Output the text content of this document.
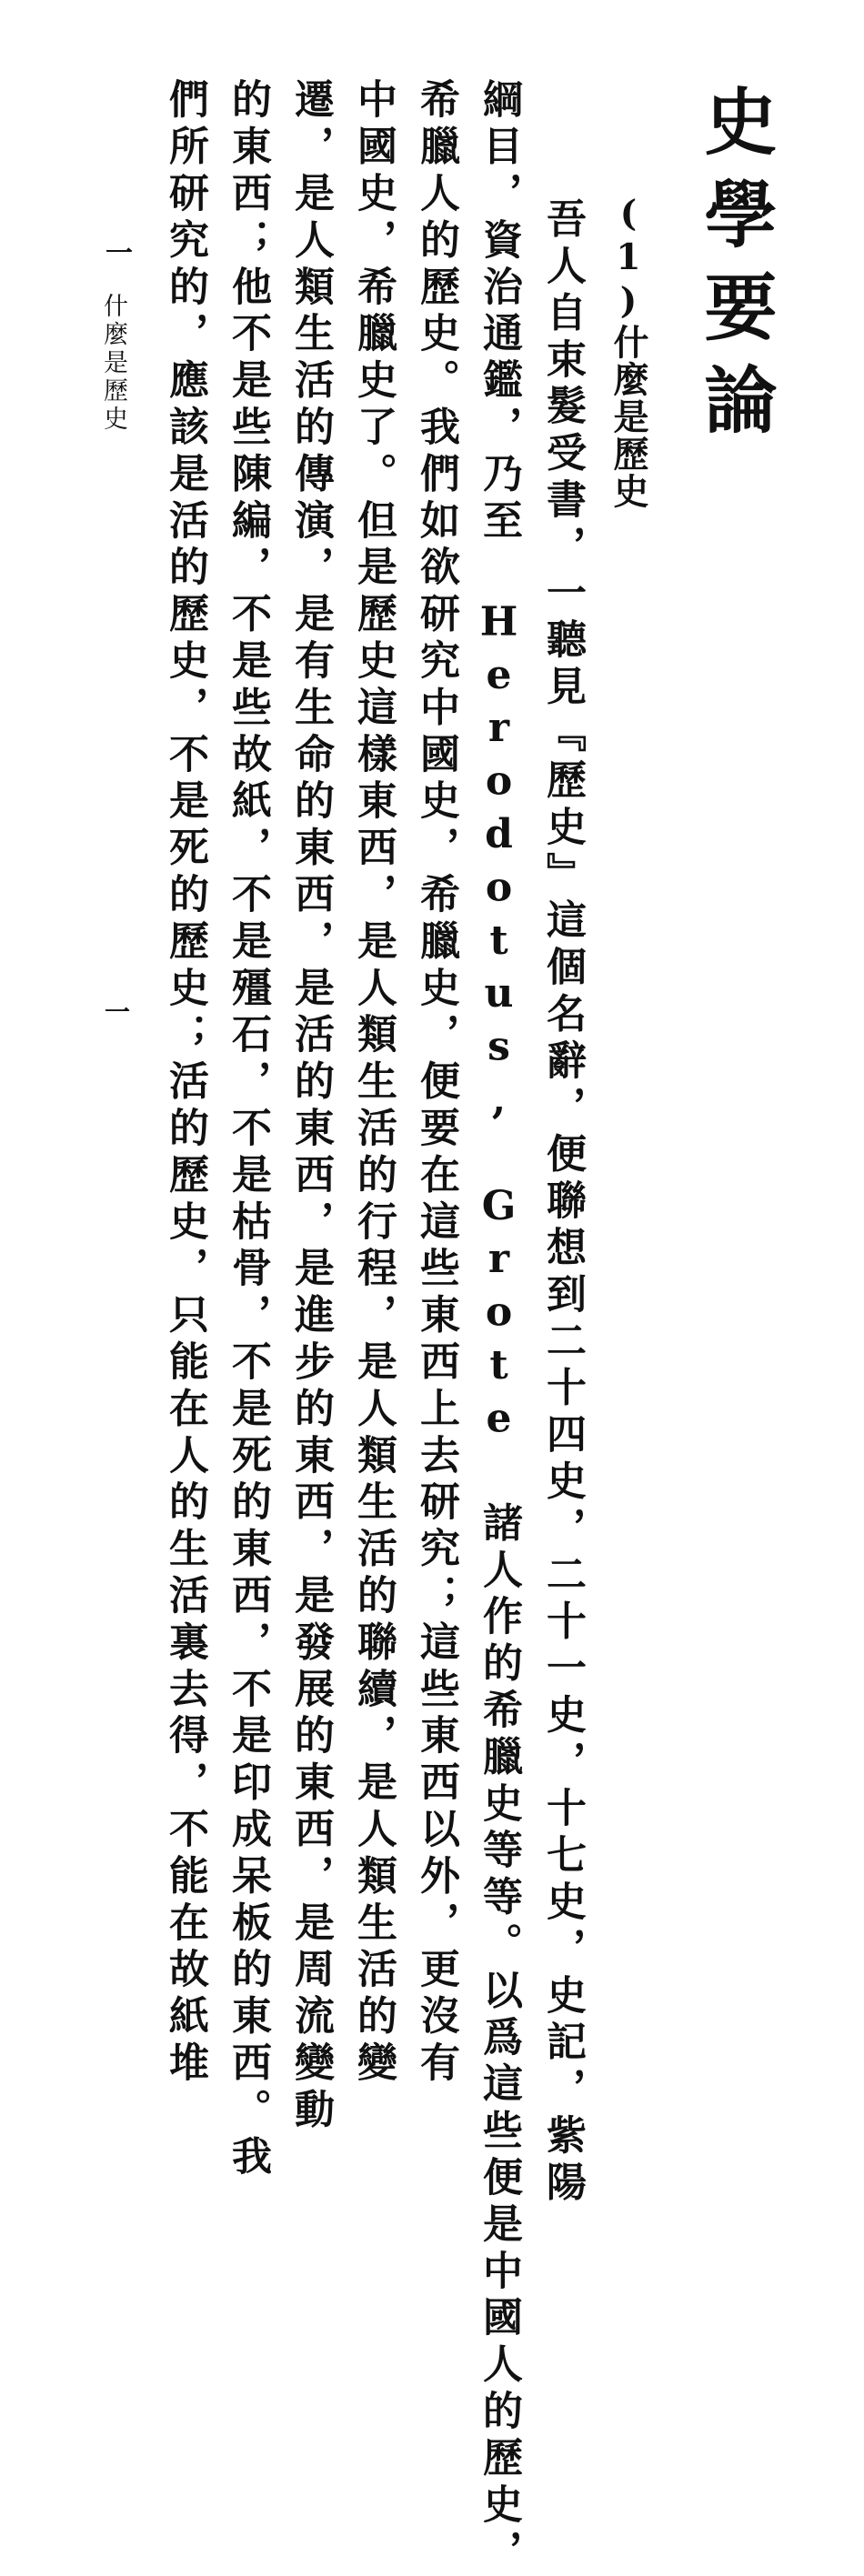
史學要論
(1)什麼是歷史
　吾人自束髮受書，一聽見『歷史』這個名辭，便聯想到二十四史，二十一史，十七史，史記，紫陽
綱目，資治通鑑，乃至 Herodotus, Grote 諸人作的希臘史等等。以爲這些便是中國人的歷史，
希臘人的歷史。我們如欲研究中國史，希臘史，便要在這些東西上去研究；這些東西以外，更沒有
中國史，希臘史了。但是歷史這樣東西，是人類生活的行程，是人類生活的聯續，是人類生活的變
遷，是人類生活的傳演，是有生命的東西，是活的東西，是進步的東西，是發展的東西，是周流變動
的東西；他不是些陳編，不是些故紙，不是殭石，不是枯骨，不是死的東西，不是印成呆板的東西。我
們所研究的，應該是活的歷史，不是死的歷史；活的歷史，只能在人的生活裏去得，不能在故紙堆
一
什麼是歷史
一
